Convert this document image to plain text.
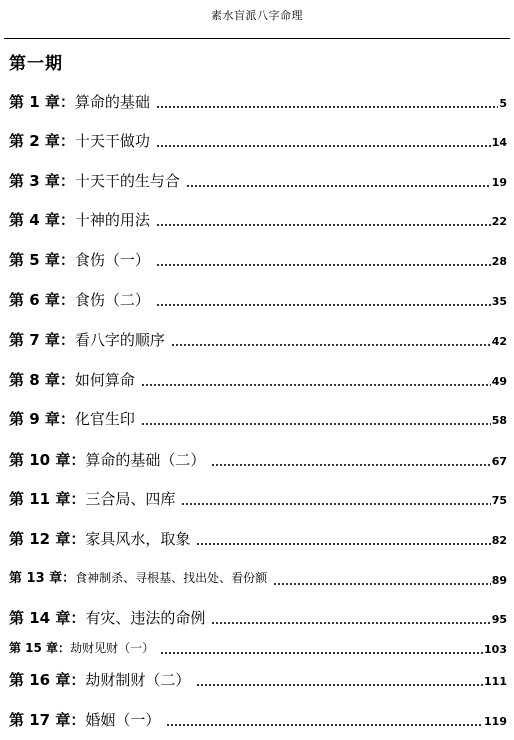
素水盲派八字命理
第一期
第 1 章：算命的基础	5
第 2 章：十天干做功	14
第 3 章：十天干的生与合	19
第 4 章：十神的用法	22
第 5 章：食伤（一）	28
第 6 章：食伤（二）	35
第 7 章：看八字的顺序	42
第 8 章：如何算命	49
第 9 章：化官生印	58
第 10 章：算命的基础（二）	67
第 11 章：三合局、四库	75
第 12 章：家具风水，取象	82
第 13 章：食神制杀、寻根基、找出处、看份额	89
第 14 章：有灾、违法的命例	95
第 15 章：劫财见财（一）	103
第 16 章：劫财制财（二）	111
第 17 章：婚姻（一）	119
